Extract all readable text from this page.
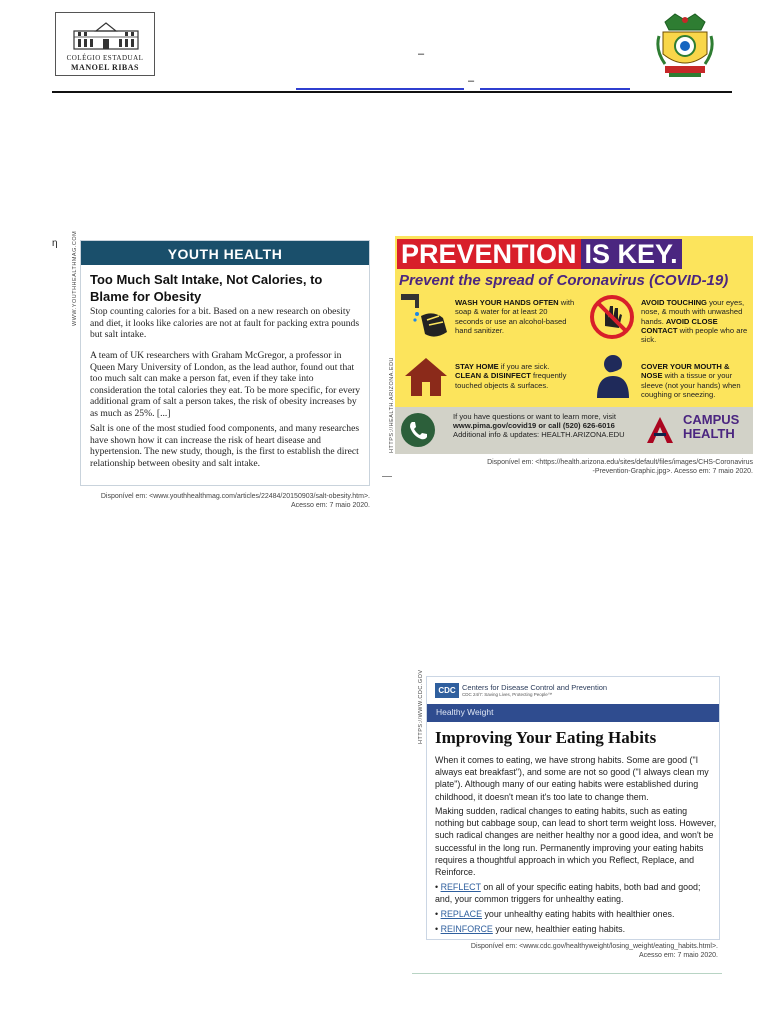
COLÉGIO ESTADUAL
MANOEL RIBAS
–
–
ƞ	WWW.YOUTHHEALTHMAG.COM	YOUTH HEALTH
Too Much Salt Intake, Not Calories, to Blame for Obesity

Stop counting calories for a bit. Based on a new research on obesity and diet, it looks like calories are not at fault for packing extra pounds but salt intake.

A team of UK researchers with Graham McGregor, a professor in Queen Mary University of London, as the lead author, found out that too much salt can make a person fat, even if they take into consideration the total calories they eat. To be more specific, for every additional gram of salt a person takes, the risk of obesity increases by as much as 25%. [...]

Salt is one of the most studied food components, and many researches have shown how it can increase the risk of heart disease and hypertension. The new study, though, is the first to establish the direct relationship between obesity and salt intake.

Disponível em: <www.youthhealthmag.com/articles/22484/20150903/salt-obesity.htm>.
Acesso em: 7 maio 2020.
HTTPS://HEALTH.ARIZONA.EDU
PREVENTION IS KEY.
Prevent the spread of Coronavirus (COVID-19)
WASH YOUR HANDS OFTEN with soap & water for at least 20 seconds or use an alcohol-based hand sanitizer.
AVOID TOUCHING your eyes, nose, & mouth with unwashed hands. AVOID CLOSE CONTACT with people who are sick.
STAY HOME if you are sick. CLEAN & DISINFECT frequently touched objects & surfaces.
COVER YOUR MOUTH & NOSE with a tissue or your sleeve (not your hands) when coughing or sneezing.
If you have questions or want to learn more, visit
www.pima.gov/covid19 or call (520) 626-6016
Additional info & updates: HEALTH.ARIZONA.EDU
CAMPUS HEALTH
Disponível em: <https://health.arizona.edu/sites/default/files/images/CHS-Coronavirus
-Prevention-Graphic.jpg>. Acesso em: 7 maio 2020.
HTTPS://WWW.CDC.GOV	CDC Centers for Disease Control and Prevention
CDC 24/7: Saving Lives, Protecting People™
Healthy Weight
Improving Your Eating Habits

When it comes to eating, we have strong habits. Some are good ("I always eat breakfast"), and some are not so good ("I always clean my plate"). Although many of our eating habits were established during childhood, it doesn't mean it's too late to change them.

Making sudden, radical changes to eating habits, such as eating nothing but cabbage soup, can lead to short term weight loss. However, such radical changes are neither healthy nor a good idea, and won't be successful in the long run. Permanently improving your eating habits requires a thoughtful approach in which you Reflect, Replace, and Reinforce.

• REFLECT on all of your specific eating habits, both bad and good; and, your common triggers for unhealthy eating.
• REPLACE your unhealthy eating habits with healthier ones.
• REINFORCE your new, healthier eating habits.
Disponível em: <www.cdc.gov/healthyweight/losing_weight/eating_habits.html>.
Acesso em: 7 maio 2020.
